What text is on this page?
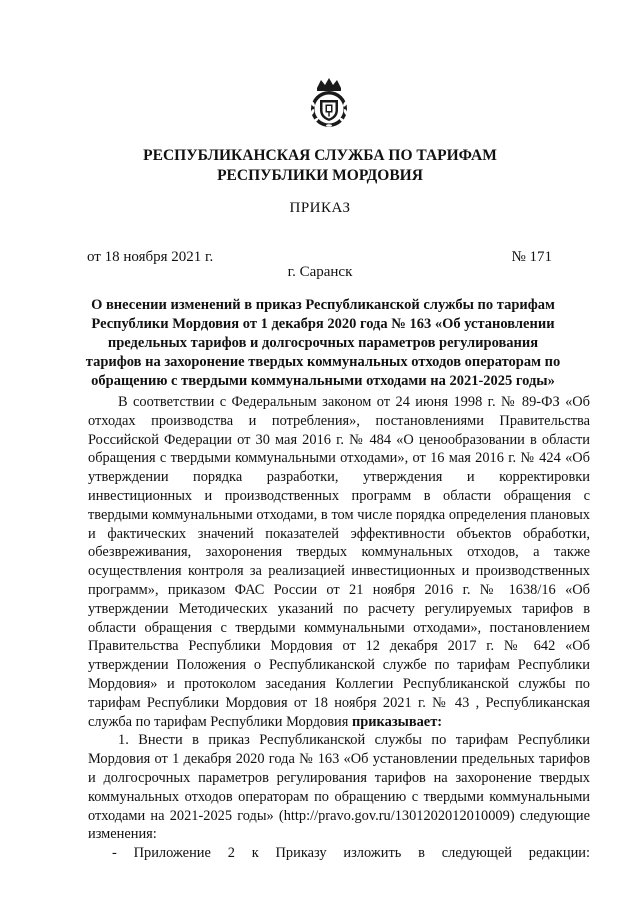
РЕСПУБЛИКАНСКАЯ СЛУЖБА ПО ТАРИФАМ
РЕСПУБЛИКИ МОРДОВИЯ
ПРИКАЗ
от 18 ноября 2021 г.	№ 171
г. Саранск
О внесении изменений в приказ Республиканской службы по тарифам Республики Мордовия от 1 декабря 2020 года № 163 «Об установлении предельных тарифов и долгосрочных параметров регулирования тарифов на захоронение твердых коммунальных отходов операторам по обращению с твердыми коммунальными отходами на 2021-2025 годы»

В соответствии с Федеральным законом от 24 июня 1998 г. № 89-ФЗ «Об отходах производства и потребления», постановлениями Правительства Российской Федерации от 30 мая 2016 г. № 484 «О ценообразовании в области обращения с твердыми коммунальными отходами», от 16 мая 2016 г. № 424 «Об утверждении порядка разработки, утверждения и корректировки инвестиционных и производственных программ в области обращения с твердыми коммунальными отходами, в том числе порядка определения плановых и фактических значений показателей эффективности объектов обработки, обезвреживания, захоронения твердых коммунальных отходов, а также осуществления контроля за реализацией инвестиционных и производственных программ», приказом ФАС России от 21 ноября 2016 г. № 1638/16 «Об утверждении Методических указаний по расчету регулируемых тарифов в области обращения с твердыми коммунальными отходами», постановлением Правительства Республики Мордовия от 12 декабря 2017 г. № 642 «Об утверждении Положения о Республиканской службе по тарифам Республики Мордовия» и протоколом заседания Коллегии Республиканской службы по тарифам Республики Мордовия от 18 ноября 2021 г. № 43 , Республиканская служба по тарифам Республики Мордовия приказывает:

1. Внести в приказ Республиканской службы по тарифам Республики Мордовия от 1 декабря 2020 года № 163 «Об установлении предельных тарифов и долгосрочных параметров регулирования тарифов на захоронение твердых коммунальных отходов операторам по обращению с твердыми коммунальными отходами на 2021-2025 годы» (http://pravo.gov.ru/1301202012010009) следующие изменения:

- Приложение 2 к Приказу изложить в следующей редакции:
